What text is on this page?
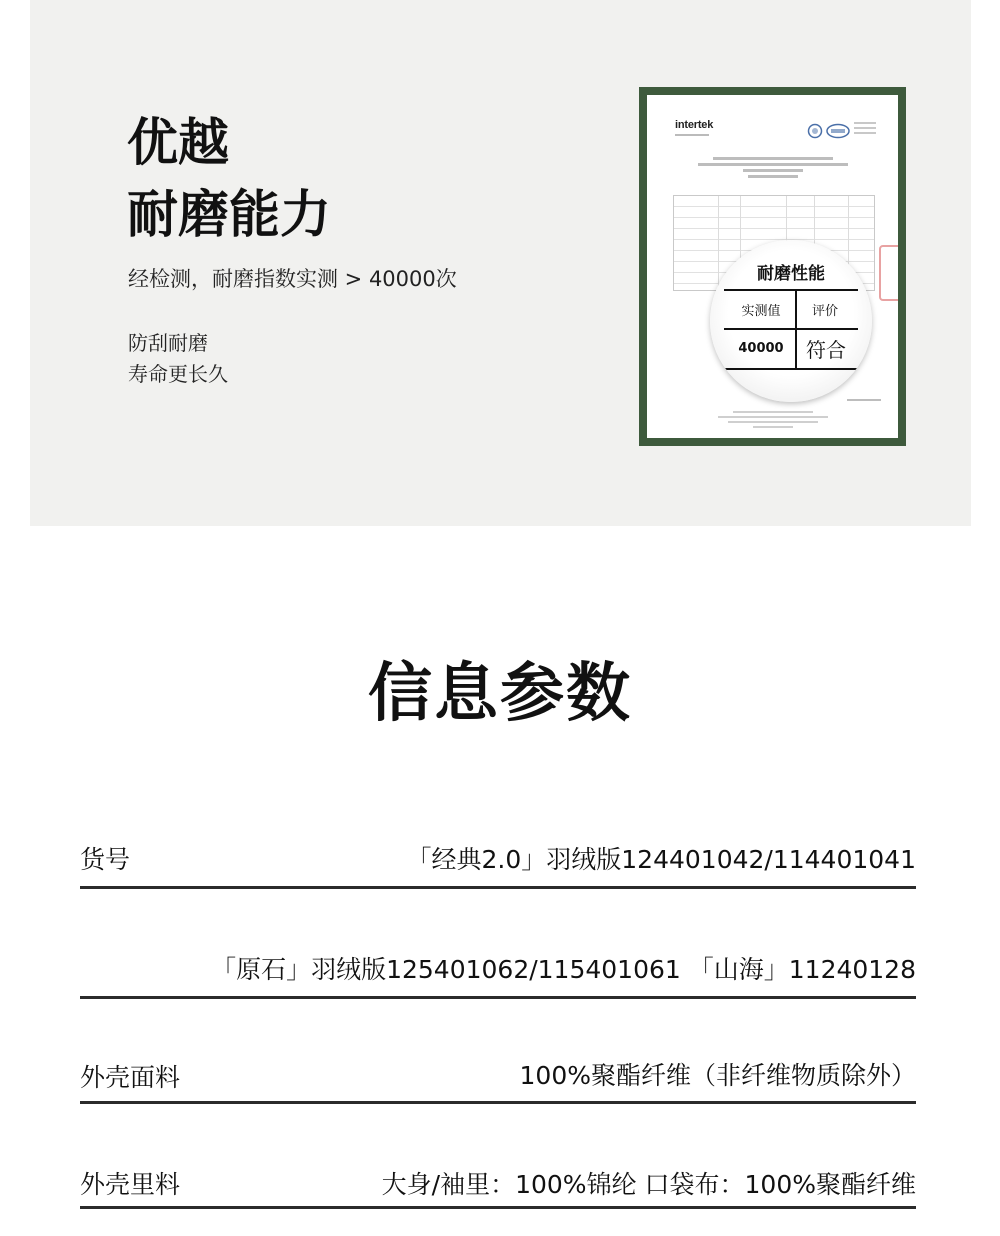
优越
耐磨能力
经检测，耐磨指数实测 > 40000次
防刮耐磨
寿命更长久
intertek
耐磨性能
实测值	评价
40000	符合
信息参数
货号	「经典2.0」羽绒版124401042/114401041
「原石」羽绒版125401062/115401061 「山海」11240128
外壳面料	100%聚酯纤维（非纤维物质除外）
外壳里料	大身/袖里：100%锦纶 口袋布：100%聚酯纤维
